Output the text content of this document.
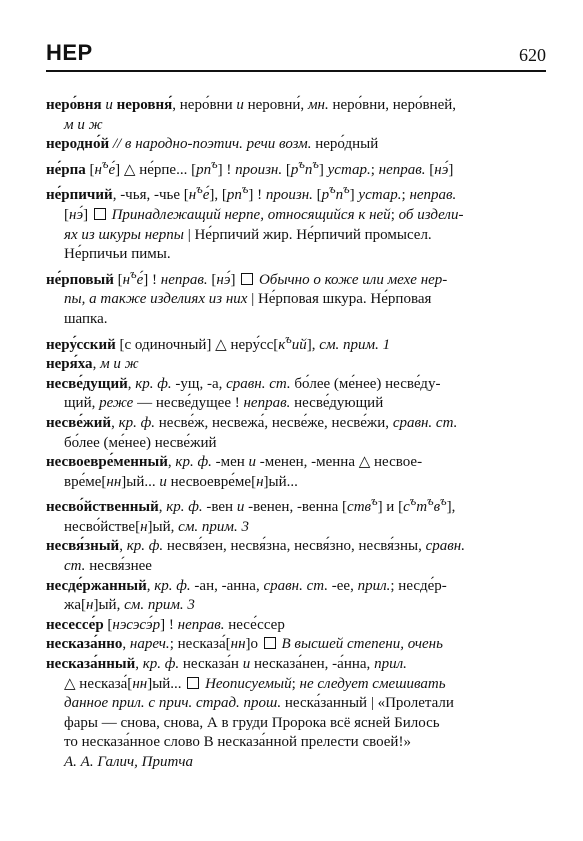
НЕР	620
неро́вня и неровня́, неро́вни и неровни́, мн. неро́вни, неро́вней,
м и ж
неродно́й // в народно-поэтич. речи возм. неро́дный
не́рпа $[н^ъе́]$ △ не́рпе... $[рп^ъ]$ ! произн. $[р^ъп^ъ]$ устар.; неправ. [нэ́]
не́рпичий, -чья, -чье $[н^ъе́]$, $[рп^ъ]$ ! произн. $[р^ъп^ъ]$ устар.; неправ.
[нэ́]  Принадлежащий нерпе, относящийся к ней; об издели-
ях из шкуры нерпы | Не́рпичий жир. Не́рпичий промысел.
Не́рпичьи пимы.
не́рповый $[н^ъе́]$ ! неправ. [нэ́]  Обычно о коже или мехе нер-
пы, а также изделиях из них | Не́рповая шкура. Не́рповая
шапка.
неру́сский [с одиночный] △ $неру́сс[к^ъий]$, см. прим. 1
неря́ха, м и ж
несве́дущий, кр. ф. -ущ, -а, сравн. ст. бо́лее (ме́нее) несве́ду-
щий, реже — несве́дущее ! неправ. несве́дующий
несве́жий, кр. ф. несве́ж, несвежа́, несве́же, несве́жи, сравн. ст.
бо́лее (ме́нее) несве́жий
несвоевре́менный, кр. ф. -мен и -менен, -менна △ несвое-
вре́ме[нн]ый... и несвоевре́ме[н]ый...
несво́йственный, кр. ф. -вен и -венен, -венна [ств$^ъ$] и $[с^ът^ъв^ъ]$,
несво́йстве[н]ый, см. прим. 3
несвя́зный, кр. ф. несвя́зен, несвя́зна, несвя́зно, несвя́зны, сравн.
ст. несвя́знее
несде́ржанный, кр. ф. -ан, -анна, сравн. ст. -ее, прил.; несде́р-
жа[н]ый, см. прим. 3
несессе́р [нэсэсэ́р] ! неправ. несе́ссер
несказа́нно, нареч.; несказа́[нн]о  В высшей степени, очень
несказа́нный, кр. ф. несказа́н и несказа́нен, -а́нна, прил.
△ несказа́[нн]ый...  Неописуемый; не следует смешивать
данное прил. с прич. страд. прош. неска́занный | «Пролетали
фары — снова, снова, А в груди Пророка всё ясней Билось
то несказа́нное слово В несказа́нной прелести своей!»
А. А. Галич, Притча
